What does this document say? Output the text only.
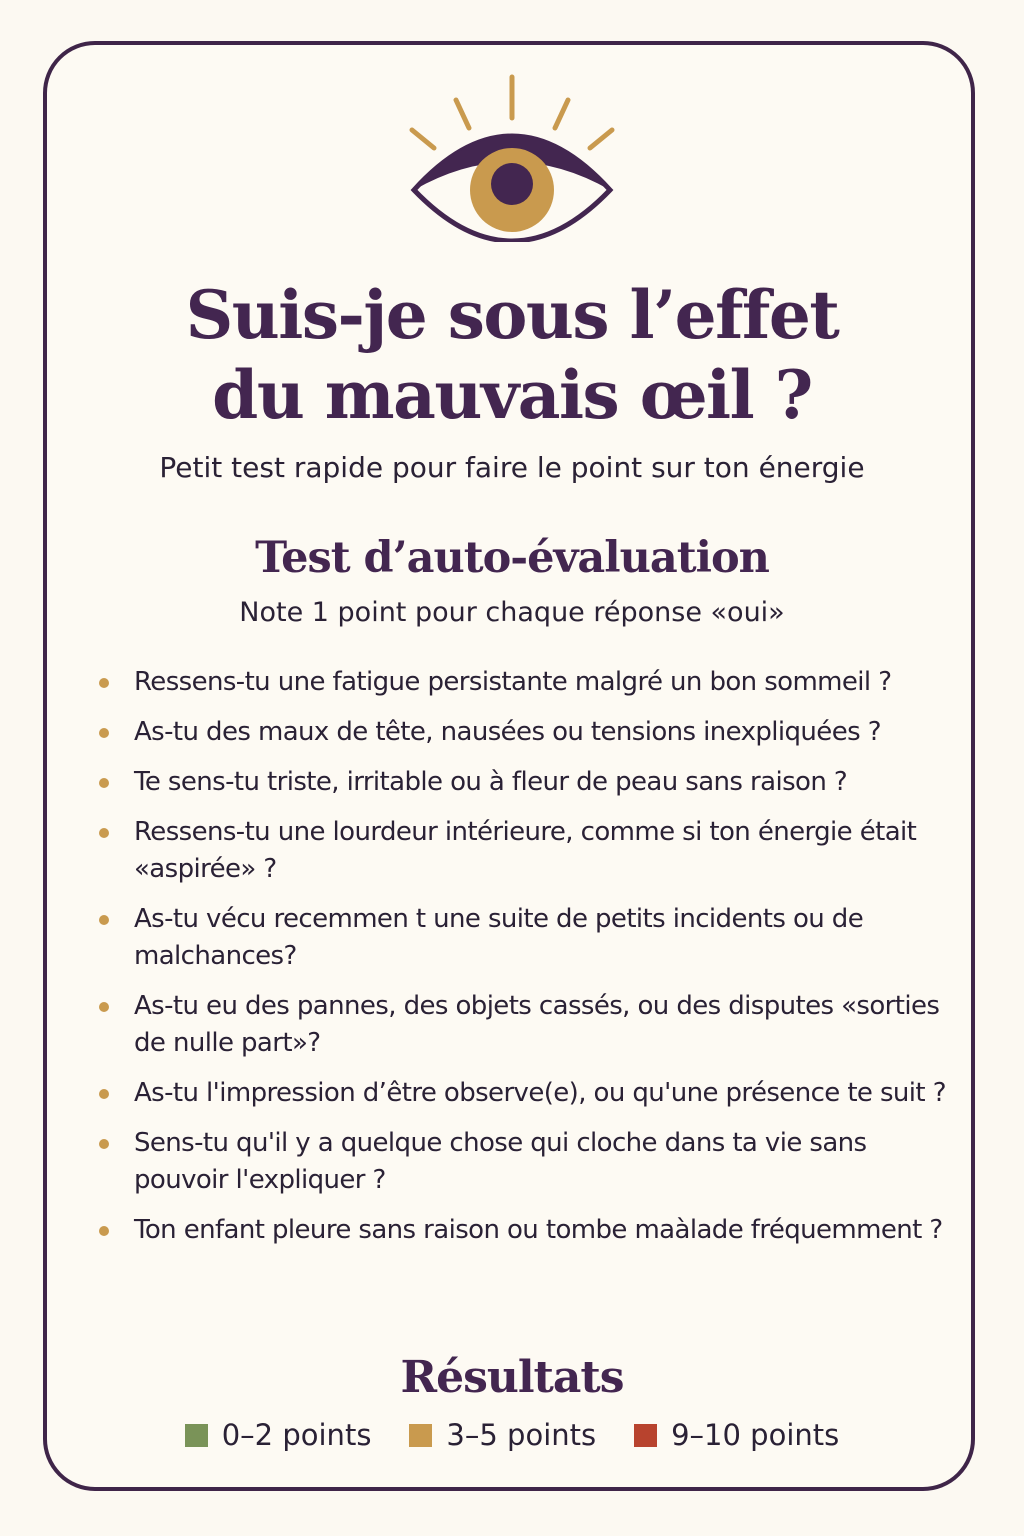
Suis-je sous l’effet
du mauvais œil ?
Petit test rapide pour faire le point sur ton énergie
Test d’auto-évaluation
Note 1 point pour chaque réponse «oui»
Ressens-tu une fatigue persistante malgré un bon sommeil ?
As-tu des maux de tête, nausées ou tensions inexpliquées ?
Te sens-tu triste, irritable ou à fleur de peau sans raison ?
Ressens-tu une lourdeur intérieure, comme si ton énergie était «aspirée» ?
As-tu vécu recemmen t une suite de petits incidents ou de malchances?
As-tu eu des pannes, des objets cassés, ou des disputes «sorties de nulle part»?
As-tu l'impression d’être observe(e), ou qu'une présence te suit ?
Sens-tu qu'il y a quelque chose qui cloche dans ta vie sans pouvoir l'expliquer ?
Ton enfant pleure sans raison ou tombe maàlade fréquemment ?
Résultats
0–2 points	3–5 points	9–10 points
